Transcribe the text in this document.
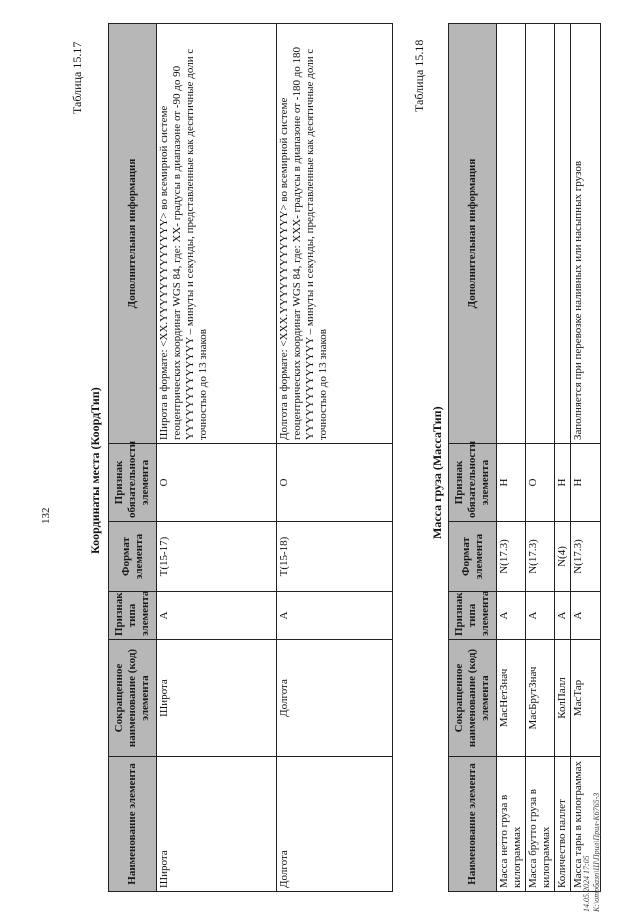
132
Таблица 15.17
Координаты места (КоордТип)
Наименование элемента	Сокращенное наименование (код) элемента	Признак типа элемента	Формат элемента	Признак обязательности элемента	Дополнительная информация
Широта	Широта	A	T(15-17)	O	Широта в формате: <XX.YYYYYYYYYYYYY> во всемирной системе геоцентрических координат WGS 84, где: XX- градусы в диапазоне от -90 до 90 YYYYYYYYYYYYY – минуты и секунды, представленные как десятичные доли с точностью до 13 знаков
Долгота	Долгота	A	T(15-18)	O	Долгота в формате: <XXX.YYYYYYYYYYYYY> во всемирной системе геоцентрических координат WGS 84, где: XXX- градусы в диапазоне от -180 до 180 YYYYYYYYYYYYY – минуты и секунды, представленные как десятичные доли с точностью до 13 знаков
Таблица 15.18
Масса груза (МассаТип)
Наименование элемента	Сокращенное наименование (код) элемента	Признак типа элемента	Формат элемента	Признак обязательности элемента	Дополнительная информация
Масса нетто груза в килограммах	МасНетЗнач	A	N(17.3)	Н	
Масса брутто груза в килограммах	МасБрутЗнач	A	N(17.3)	О	
Количество паллет	КолПалл	A	N(4)	Н	
Масса тары в килограммах	МасТар	A	N(17.3)	Н	Заполняется при перевозке наливных или насыпных грузов
14.05.2024 17:05 К:\отрбазп\Ш\Прил\Прил-К6765-3
